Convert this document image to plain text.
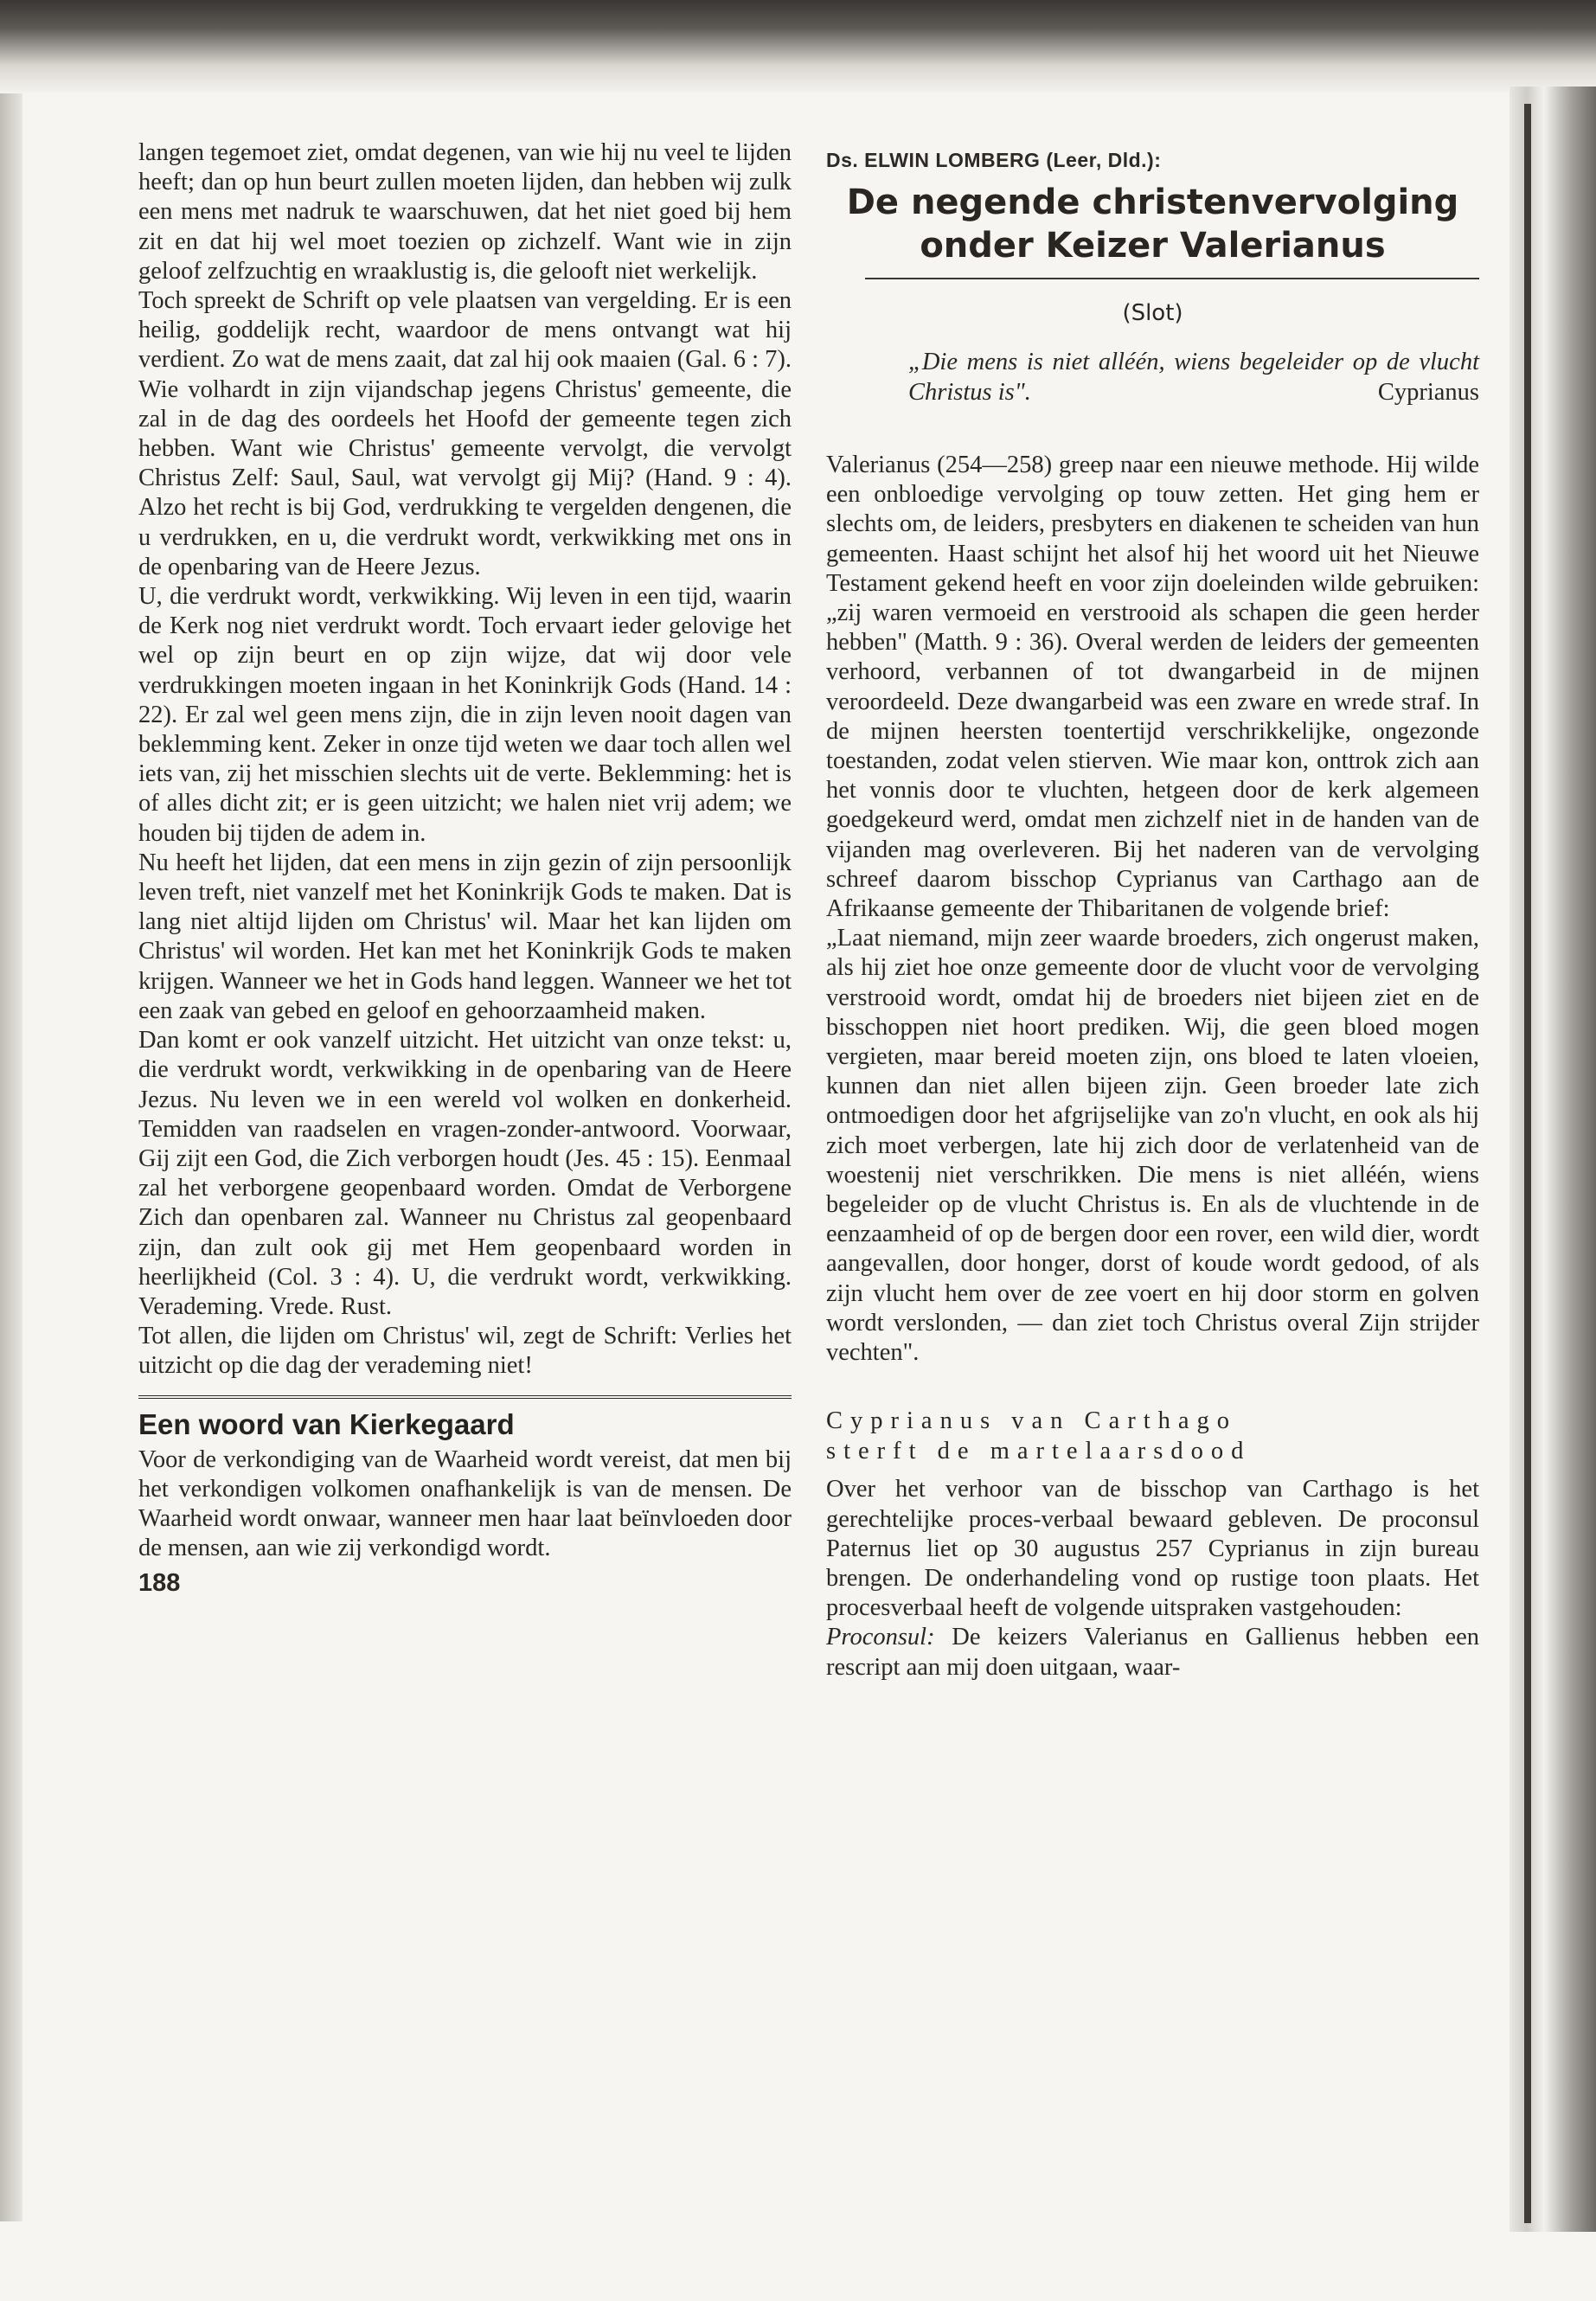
langen tegemoet ziet, omdat degenen, van wie hij nu veel te lijden heeft; dan op hun beurt zullen moeten lijden, dan hebben wij zulk een mens met nadruk te waarschuwen, dat het niet goed bij hem zit en dat hij wel moet toezien op zichzelf. Want wie in zijn geloof zelfzuchtig en wraaklustig is, die gelooft niet werkelijk.

Toch spreekt de Schrift op vele plaatsen van vergelding. Er is een heilig, goddelijk recht, waardoor de mens ontvangt wat hij verdient. Zo wat de mens zaait, dat zal hij ook maaien (Gal. 6 : 7). Wie volhardt in zijn vijandschap jegens Christus' gemeente, die zal in de dag des oordeels het Hoofd der gemeente tegen zich hebben. Want wie Christus' gemeente vervolgt, die vervolgt Christus Zelf: Saul, Saul, wat vervolgt gij Mij? (Hand. 9 : 4). Alzo het recht is bij God, verdrukking te vergelden dengenen, die u verdrukken, en u, die verdrukt wordt, verkwikking met ons in de openbaring van de Heere Jezus.

U, die verdrukt wordt, verkwikking. Wij leven in een tijd, waarin de Kerk nog niet verdrukt wordt. Toch ervaart ieder gelovige het wel op zijn beurt en op zijn wijze, dat wij door vele verdrukkingen moeten ingaan in het Koninkrijk Gods (Hand. 14 : 22). Er zal wel geen mens zijn, die in zijn leven nooit dagen van beklemming kent. Zeker in onze tijd weten we daar toch allen wel iets van, zij het misschien slechts uit de verte. Beklemming: het is of alles dicht zit; er is geen uitzicht; we halen niet vrij adem; we houden bij tijden de adem in.

Nu heeft het lijden, dat een mens in zijn gezin of zijn persoonlijk leven treft, niet vanzelf met het Koninkrijk Gods te maken. Dat is lang niet altijd lijden om Christus' wil. Maar het kan lijden om Christus' wil worden. Het kan met het Koninkrijk Gods te maken krijgen. Wanneer we het in Gods hand leggen. Wanneer we het tot een zaak van gebed en geloof en gehoorzaamheid maken.

Dan komt er ook vanzelf uitzicht. Het uitzicht van onze tekst: u, die verdrukt wordt, verkwikking in de openbaring van de Heere Jezus. Nu leven we in een wereld vol wolken en donkerheid. Temidden van raadselen en vragen-zonder-antwoord. Voorwaar, Gij zijt een God, die Zich verborgen houdt (Jes. 45 : 15). Eenmaal zal het verborgene geopenbaard worden. Omdat de Verborgene Zich dan openbaren zal. Wanneer nu Christus zal geopenbaard zijn, dan zult ook gij met Hem geopenbaard worden in heerlijkheid (Col. 3 : 4). U, die verdrukt wordt, verkwikking. Verademing. Vrede. Rust.

Tot allen, die lijden om Christus' wil, zegt de Schrift: Verlies het uitzicht op die dag der verademing niet!

Een woord van Kierkegaard

Voor de verkondiging van de Waarheid wordt vereist, dat men bij het verkondigen volkomen onafhankelijk is van de mensen. De Waarheid wordt onwaar, wanneer men haar laat beïnvloeden door de mensen, aan wie zij verkondigd wordt.

188
Ds. ELWIN LOMBERG (Leer, Dld.):
De negende christenvervolging
onder Keizer Valerianus
(Slot)
„Die mens is niet alléén, wiens begeleider op de vlucht Christus is".	Cyprianus

Valerianus (254—258) greep naar een nieuwe methode. Hij wilde een onbloedige vervolging op touw zetten. Het ging hem er slechts om, de leiders, presbyters en diakenen te scheiden van hun gemeenten. Haast schijnt het alsof hij het woord uit het Nieuwe Testament gekend heeft en voor zijn doeleinden wilde gebruiken: „zij waren vermoeid en verstrooid als schapen die geen herder hebben" (Matth. 9 : 36). Overal werden de leiders der gemeenten verhoord, verbannen of tot dwangarbeid in de mijnen veroordeeld. Deze dwangarbeid was een zware en wrede straf. In de mijnen heersten toentertijd verschrikkelijke, ongezonde toestanden, zodat velen stierven. Wie maar kon, onttrok zich aan het vonnis door te vluchten, hetgeen door de kerk algemeen goedgekeurd werd, omdat men zichzelf niet in de handen van de vijanden mag overleveren. Bij het naderen van de vervolging schreef daarom bisschop Cyprianus van Carthago aan de Afrikaanse gemeente der Thibaritanen de volgende brief:

„Laat niemand, mijn zeer waarde broeders, zich ongerust maken, als hij ziet hoe onze gemeente door de vlucht voor de vervolging verstrooid wordt, omdat hij de broeders niet bijeen ziet en de bisschoppen niet hoort prediken. Wij, die geen bloed mogen vergieten, maar bereid moeten zijn, ons bloed te laten vloeien, kunnen dan niet allen bijeen zijn. Geen broeder late zich ontmoedigen door het afgrijselijke van zo'n vlucht, en ook als hij zich moet verbergen, late hij zich door de verlatenheid van de woestenij niet verschrikken. Die mens is niet alléén, wiens begeleider op de vlucht Christus is. En als de vluchtende in de eenzaamheid of op de bergen door een rover, een wild dier, wordt aangevallen, door honger, dorst of koude wordt gedood, of als zijn vlucht hem over de zee voert en hij door storm en golven wordt verslonden, — dan ziet toch Christus overal Zijn strijder vechten".

Cyprianus van Carthago
sterft de martelaarsdood

Over het verhoor van de bisschop van Carthago is het gerechtelijke proces-verbaal bewaard gebleven. De proconsul Paternus liet op 30 augustus 257 Cyprianus in zijn bureau brengen. De onderhandeling vond op rustige toon plaats. Het procesverbaal heeft de volgende uitspraken vastgehouden:

Proconsul: De keizers Valerianus en Gallienus hebben een rescript aan mij doen uitgaan, waar-
